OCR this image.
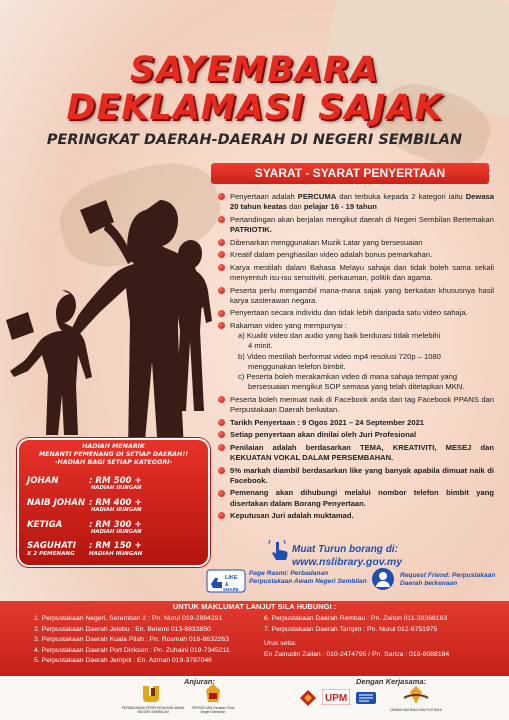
SAYEMBARA
DEKLAMASI SAJAK
PERINGKAT DAERAH-DAERAH DI NEGERI SEMBILAN
SYARAT - SYARAT PENYERTAAN
Penyertaan adalah PERCUMA dan terbuka kepada 2 kategori iaitu Dewasa 20 tahun keatas dan pelajar 16 - 19 tahun
Pertandingan akan berjalan mengikut daerah di Negeri Sembilan Bertemakan PATRIOTIK.
Dibenarkan menggunakan Muzik Latar yang bersesuaian
Kreatif dalam penghasilan video adalah bonus pemarkahan.
Karya mestilah dalam Bahasa Melayu sahaja dan tidak boleh sama sekali menyentuh isu-isu sensitiviti, perkauman, politik dan agama.
Peserta perlu mengambil mana-mana sajak yang berkaitan khususnya hasil karya sasterawan negara.
Penyertaan secara individu dan tidak lebih daripada satu video sahaja.
Rakaman video yang mempunyai :
a) Kualiti video dan audio yang baik berdurasi tidak melebihi
4 minit.
b) Video mestilah berformat video mp4 resolusi 720p – 1080
menggunakan telefon bimbit.
c) Peserta boleh merakamkan video di mana sahaja tempat yang
bersesuaian mengikut SOP semasa yang telah ditetapkan MKN.
Peserta boleh memuat naik di Facebook anda dan tag Facebook PPANS dan Perpustakaan Daerah berkaitan.
Tarikh Penyertaan : 9 Ogos 2021 – 24 September 2021
Setiap penyertaan akan dinilai oleh Juri Profesional
Penilaian adalah berdasarkan TEMA, KREATIVITI, MESEJ dan KEKUATAN VOKAL DALAM PERSEMBAHAN.
5% markah diambil berdasarkan like yang banyak apabila dimuat naik di Facebook.
Pemenang akan dihubungi melalui nombor telefon bimbit yang disertakan dalam Borang Penyertaan.
Keputusan Juri adalah muktamad.
HADIAH MENARIK
MENANTI PEMENANG DI SETIAP DAERAH!!
-HADIAH BAGI SETIAP KATEGORI-
JOHAN	: RM 500 +
HADIAH IRINGAN
NAIB JOHAN : RM 400 +
HADIAH IRINGAN
KETIGA	: RM 300 +
HADIAH IRINGAN
SAGUHATI : RM 150 +
X 2 PEMENANG	HADIAH IRINGAN	Muat Turun borang di:
www.nslibrary.gov.my
LIKE
&
SHARE
Page Rasmi: Perbadanan Perpustakaan Awam Negeri Sembilan
Request Friend: Perpustakaan Daerah berkenaan
UNTUK MAKLUMAT LANJUT SILA HUBUNGI :
1. Perpustakaan Negeri, Seremban 2 : Pn. Nurul 019-2884291
2. Perpustakaan Daerah Jelebu : En. Beremi 013-6833850
3. Perpustakaan Daerah Kuala Pilah : Pn. Rosmah 016-6632263
4. Perpustakaan Daerah Port Dickson : Pn. Zuhaini 019-7345211
5. Perpustakaan Daerah Jempol : En. Azman 019-3787046
6. Perpustakaan Daerah Rembau : Pn. Zaiton 011-39368163
7. Perpustakaan Daerah Tampin : Pn. Nurul 012-6751975
Urus setia:
En Zainudin Zailan : 010-2474795 / Pn. Sariza : 019-6088184
Anjuran:	Dengan Kerjasama:
PERBADANAN PERPUSTAKAAN AWAM NEGERI SEMBILAN
PERSATUAN Gerakan Puisi Negeri Sembilan
UPM
DEWAN BAHASA DAN PUSTAKA
